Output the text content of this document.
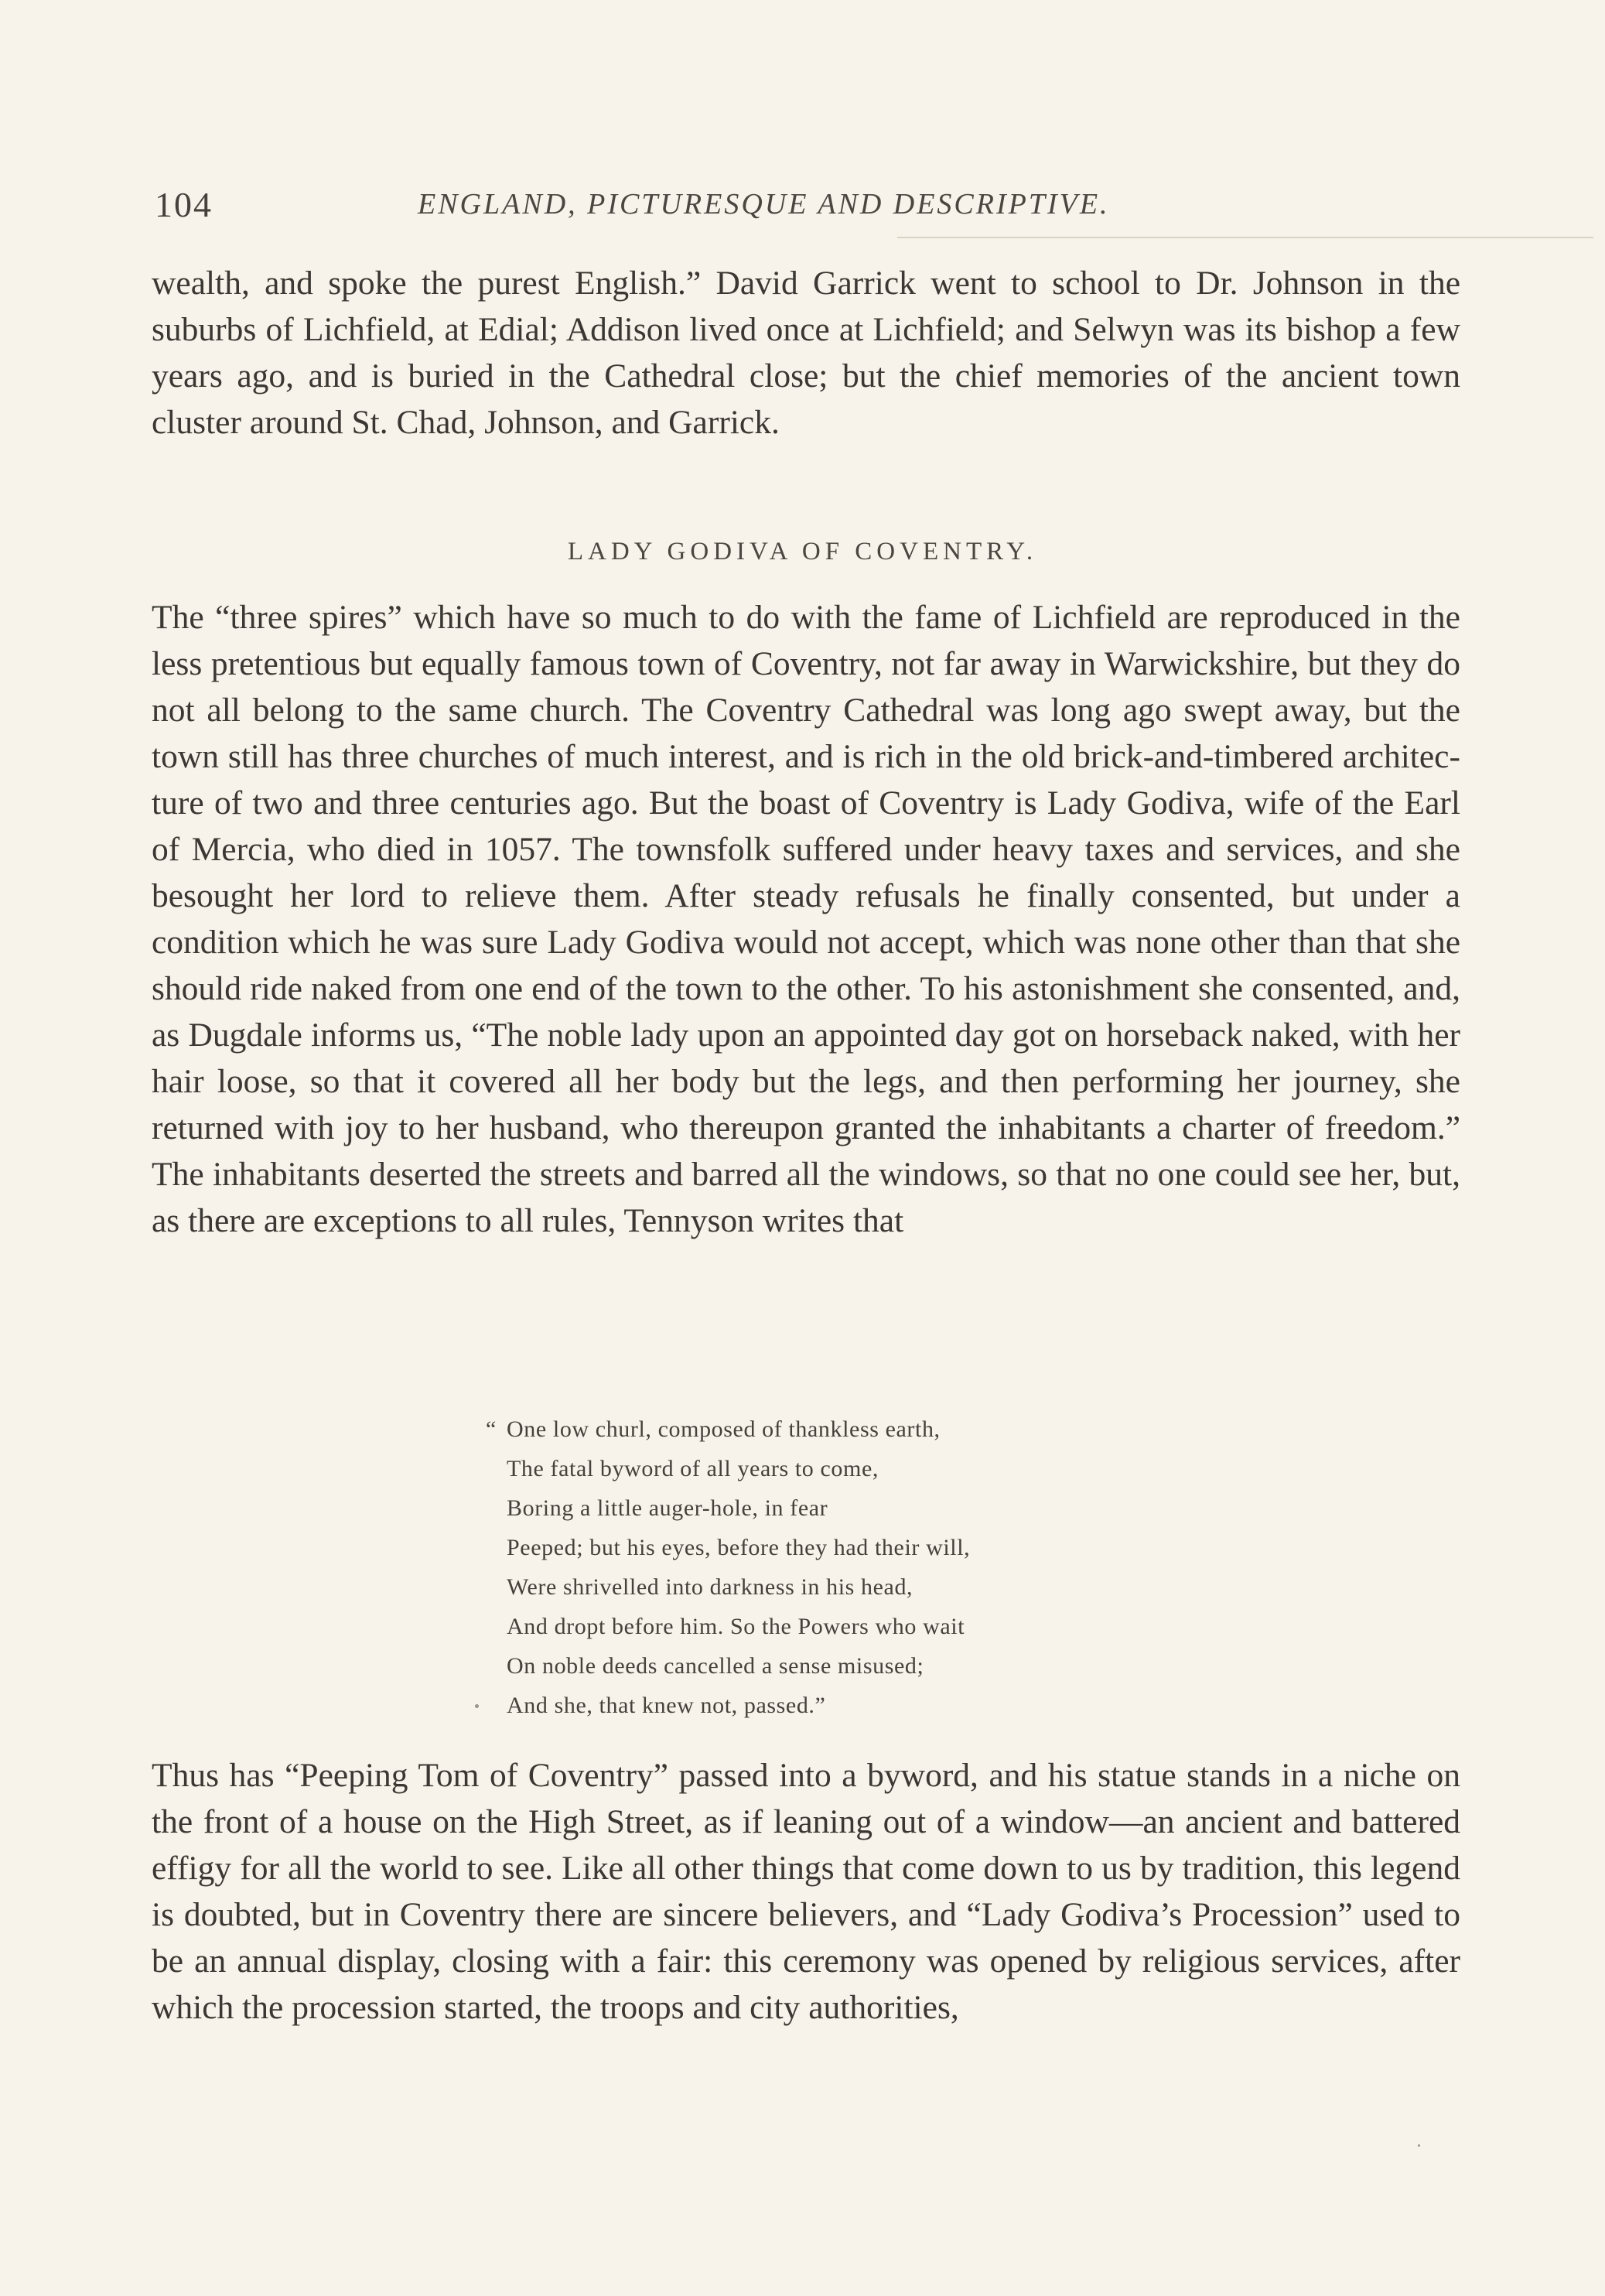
104	ENGLAND, PICTURESQUE AND DESCRIPTIVE.

wealth, and spoke the purest English.” David Garrick went to school to Dr. Johnson in the suburbs of Lichfield, at Edial; Addison lived once at Lichfield; and Selwyn was its bishop a few years ago, and is buried in the Cathedral close; but the chief memories of the ancient town cluster around St. Chad, Johnson, and Garrick.

LADY GODIVA OF COVENTRY.

The “three spires” which have so much to do with the fame of Lichfield are reproduced in the less pretentious but equally famous town of Coventry, not far away in Warwickshire, but they do not all belong to the same church. The Coventry Cathedral was long ago swept away, but the town still has three churches of much interest, and is rich in the old brick-and-timbered architecture of two and three centuries ago. But the boast of Coventry is Lady Godiva, wife of the Earl of Mercia, who died in 1057. The townsfolk suffered under heavy taxes and services, and she besought her lord to relieve them. After steady refusals he finally consented, but under a condition which he was sure Lady Godiva would not accept, which was none other than that she should ride naked from one end of the town to the other. To his astonishment she consented, and, as Dugdale informs us, “The noble lady upon an appointed day got on horseback naked, with her hair loose, so that it covered all her body but the legs, and then performing her journey, she returned with joy to her husband, who thereupon granted the inhabitants a charter of freedom.” The inhabitants deserted the streets and barred all the windows, so that no one could see her, but, as there are exceptions to all rules, Tennyson writes that

“ One low churl, composed of thankless earth,
The fatal byword of all years to come,
Boring a little auger-hole, in fear
Peeped; but his eyes, before they had their will,
Were shrivelled into darkness in his head,
And dropt before him. So the Powers who wait
On noble deeds cancelled a sense misused;
And she, that knew not, passed.”

Thus has “Peeping Tom of Coventry” passed into a byword, and his statue stands in a niche on the front of a house on the High Street, as if leaning out of a window—an ancient and battered effigy for all the world to see. Like all other things that come down to us by tradition, this legend is doubted, but in Coventry there are sincere believers, and “Lady Godiva’s Procession” used to be an annual display, closing with a fair: this ceremony was opened by religious services, after which the procession started, the troops and city authorities,
